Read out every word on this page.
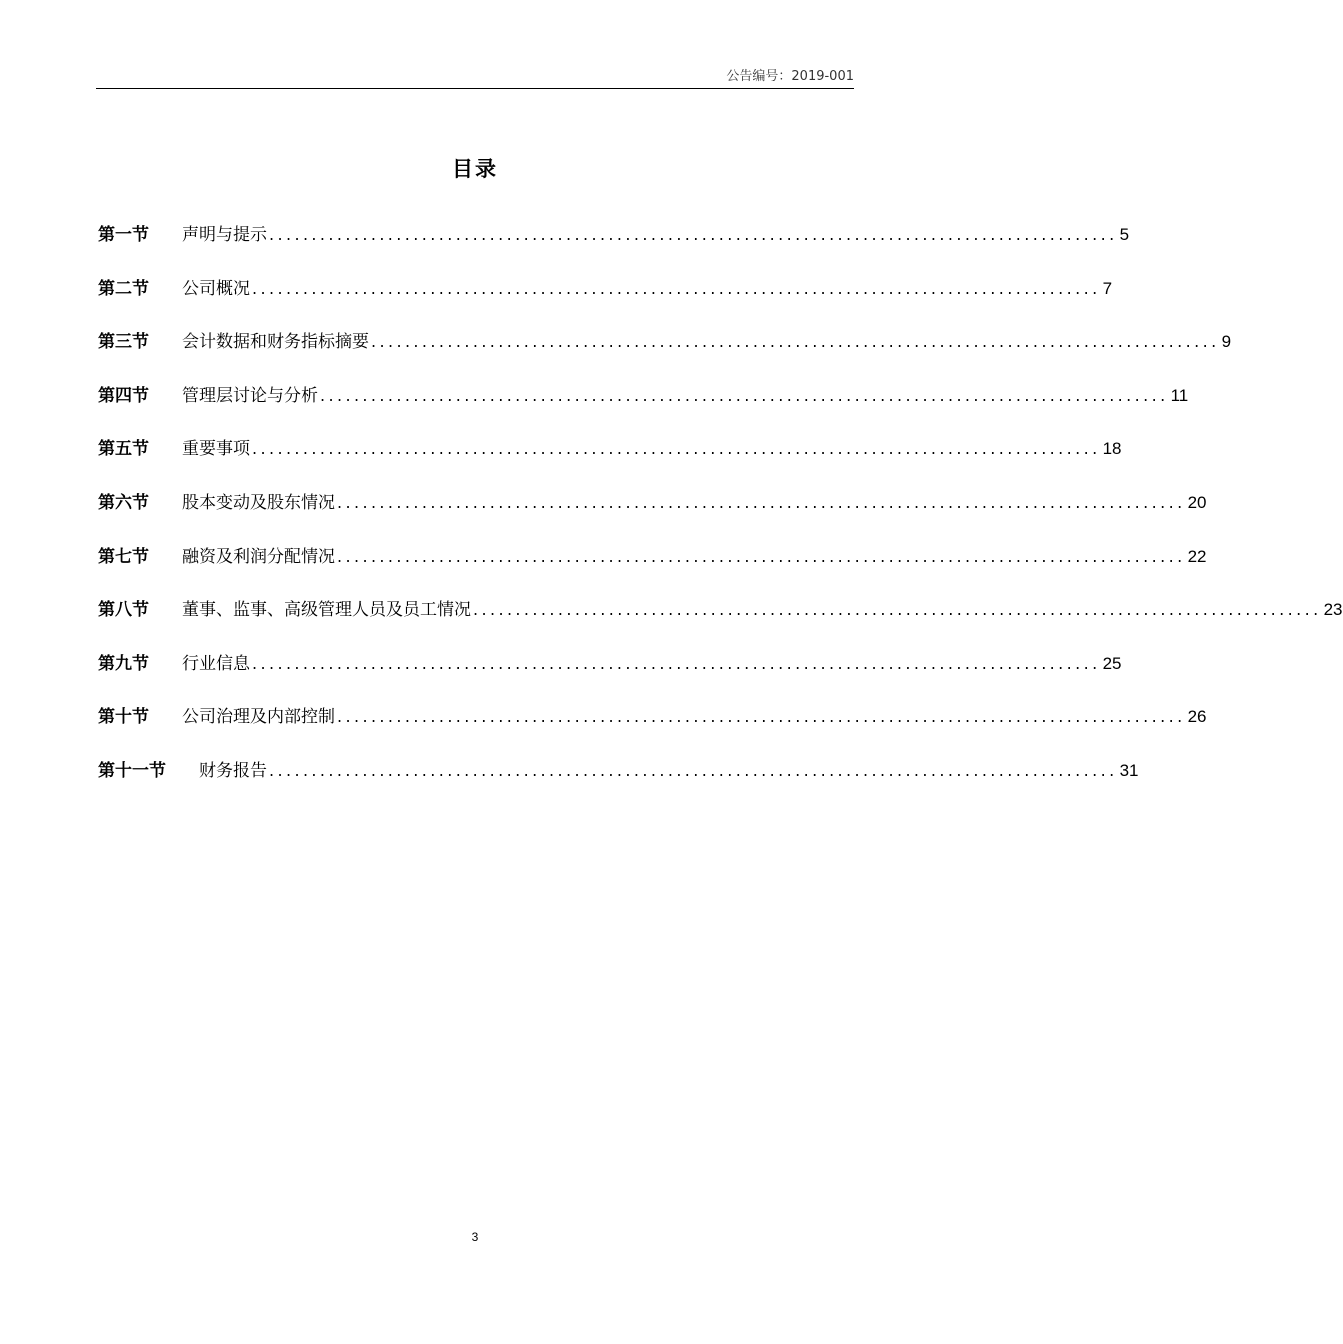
公告编号：2019-001
目录
第一节	声明与提示 .................................................................................................... 5
第二节	公司概况 .................................................................................................... 7
第三节	会计数据和财务指标摘要 .................................................................................................... 9
第四节	管理层讨论与分析 .................................................................................................... 11
第五节	重要事项 .................................................................................................... 18
第六节	股本变动及股东情况 .................................................................................................... 20
第七节	融资及利润分配情况 .................................................................................................... 22
第八节	董事、监事、高级管理人员及员工情况 .................................................................................................... 23
第九节	行业信息 .................................................................................................... 25
第十节	公司治理及内部控制 .................................................................................................... 26
第十一节	财务报告 .................................................................................................... 31
3
